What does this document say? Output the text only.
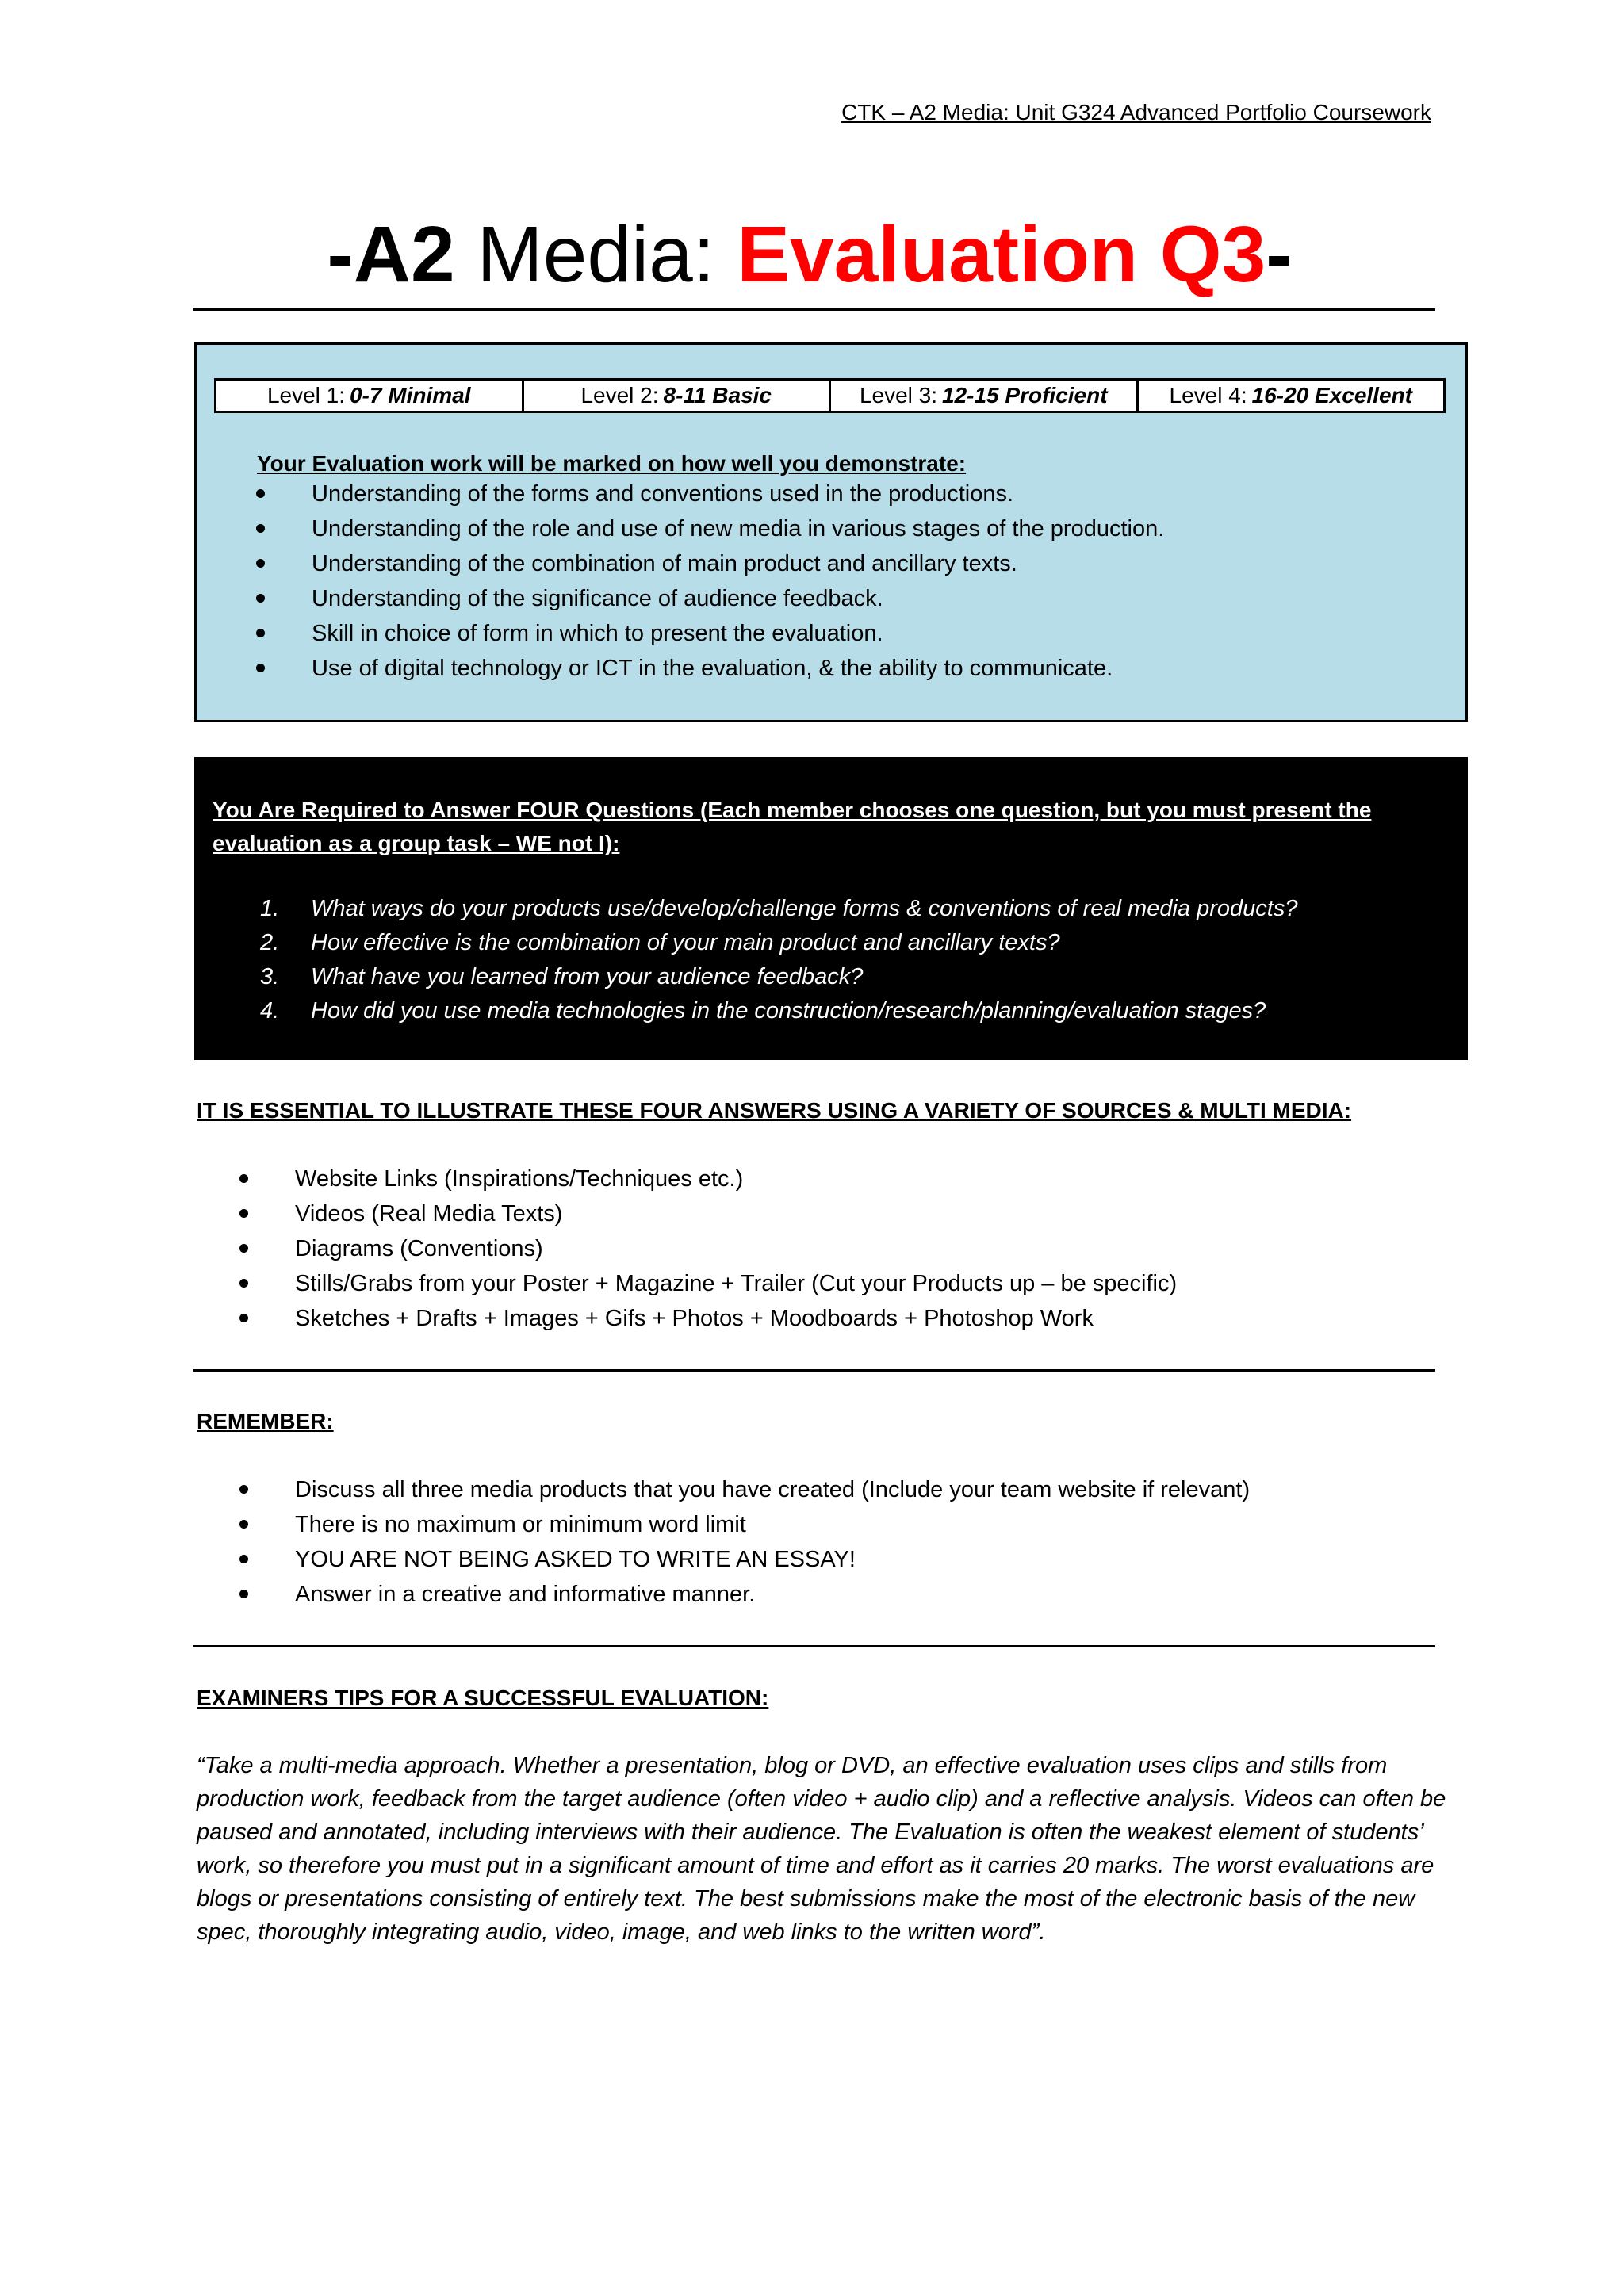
CTK – A2 Media: Unit G324 Advanced Portfolio Coursework
-A2 Media: Evaluation Q3-
Level 1: 0-7 Minimal	Level 2: 8-11 Basic	Level 3: 12-15 Proficient	Level 4: 16-20 Excellent
Your Evaluation work will be marked on how well you demonstrate:
Understanding of the forms and conventions used in the productions.
Understanding of the role and use of new media in various stages of the production.
Understanding of the combination of main product and ancillary texts.
Understanding of the significance of audience feedback.
Skill in choice of form in which to present the evaluation.
Use of digital technology or ICT in the evaluation, & the ability to communicate.
You Are Required to Answer FOUR Questions (Each member chooses one question, but you must present the evaluation as a group task – WE not I):
1. What ways do your products use/develop/challenge forms & conventions of real media products?
2. How effective is the combination of your main product and ancillary texts?
3. What have you learned from your audience feedback?
4. How did you use media technologies in the construction/research/planning/evaluation stages?
IT IS ESSENTIAL TO ILLUSTRATE THESE FOUR ANSWERS USING A VARIETY OF SOURCES & MULTI MEDIA:
Website Links (Inspirations/Techniques etc.)
Videos (Real Media Texts)
Diagrams (Conventions)
Stills/Grabs from your Poster + Magazine + Trailer (Cut your Products up – be specific)
Sketches + Drafts + Images + Gifs + Photos + Moodboards + Photoshop Work
REMEMBER:
Discuss all three media products that you have created (Include your team website if relevant)
There is no maximum or minimum word limit
YOU ARE NOT BEING ASKED TO WRITE AN ESSAY!
Answer in a creative and informative manner.
EXAMINERS TIPS FOR A SUCCESSFUL EVALUATION:
“Take a multi-media approach. Whether a presentation, blog or DVD, an effective evaluation uses clips and stills from production work, feedback from the target audience (often video + audio clip) and a reflective analysis. Videos can often be paused and annotated, including interviews with their audience. The Evaluation is often the weakest element of students’ work, so therefore you must put in a significant amount of time and effort as it carries 20 marks. The worst evaluations are blogs or presentations consisting of entirely text. The best submissions make the most of the electronic basis of the new spec, thoroughly integrating audio, video, image, and web links to the written word”.
